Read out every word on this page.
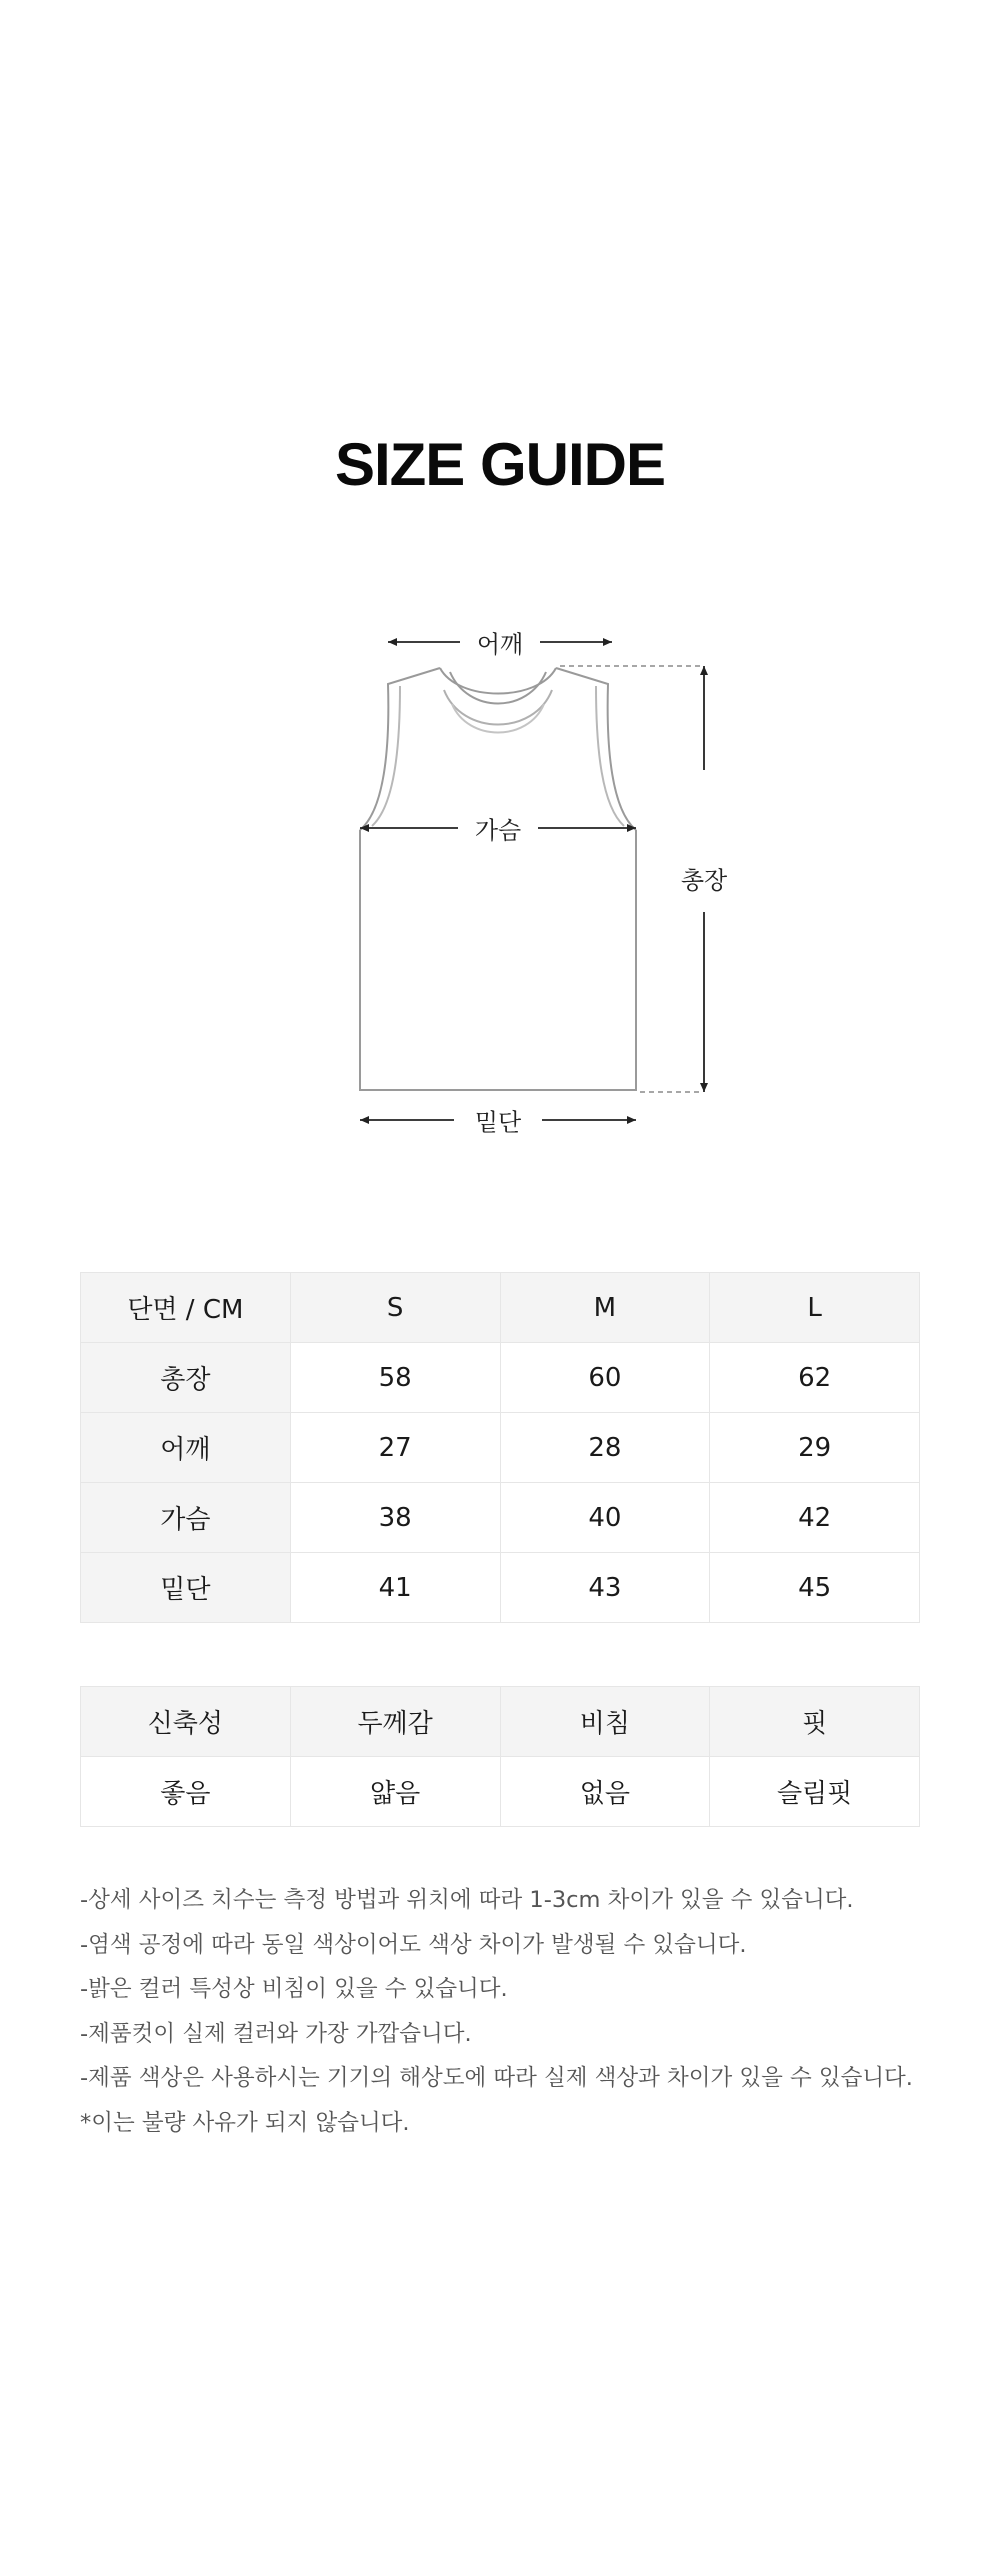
SIZE GUIDE
어깨
가슴
총장
밑단
단면 / CM	S	M	L
총장	58	60	62
어깨	27	28	29
가슴	38	40	42
밑단	41	43	45
신축성	두께감	비침	핏
좋음	얇음	없음	슬림핏
-상세 사이즈 치수는 측정 방법과 위치에 따라 1-3cm 차이가 있을 수 있습니다.
-염색 공정에 따라 동일 색상이어도 색상 차이가 발생될 수 있습니다.
-밝은 컬러 특성상 비침이 있을 수 있습니다.
-제품컷이 실제 컬러와 가장 가깝습니다.
-제품 색상은 사용하시는 기기의 해상도에 따라 실제 색상과 차이가 있을 수 있습니다.
*이는 불량 사유가 되지 않습니다.
